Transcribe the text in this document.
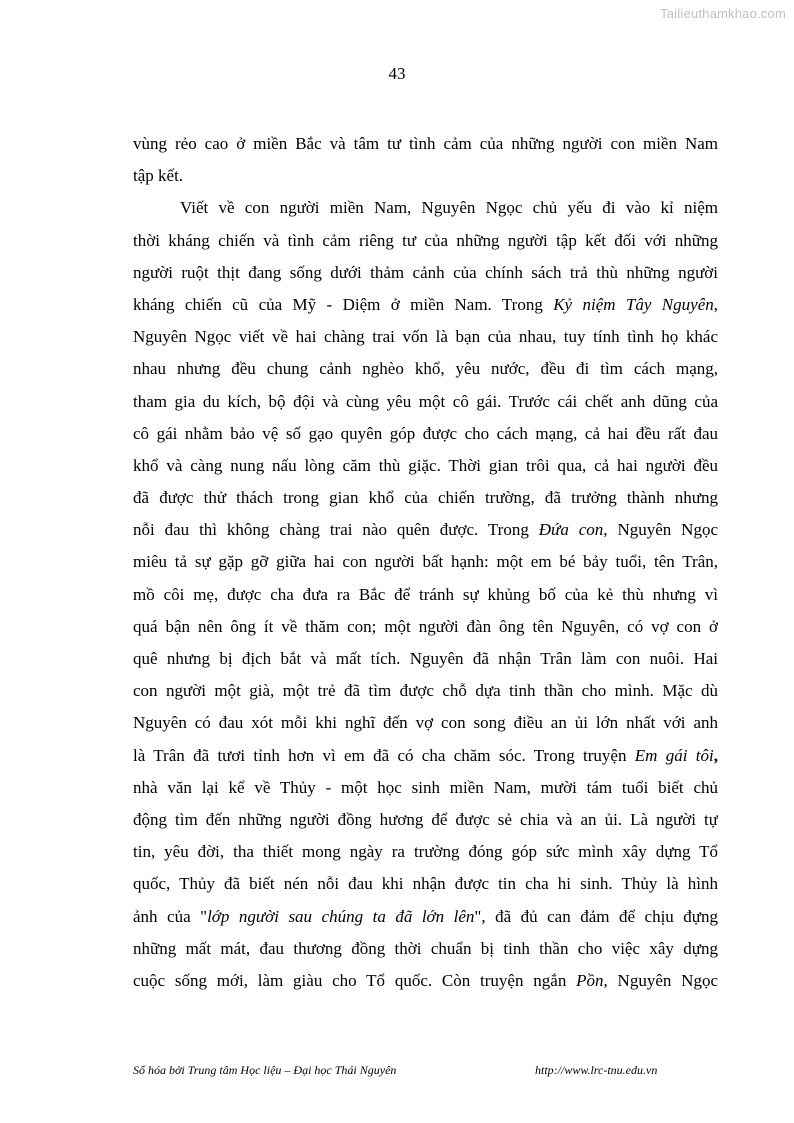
Tailieuthamkhao.com
43
vùng rẻo cao ở miền Bắc và tâm tư tình cảm của những người con miền Nam
tập kết.
Viết về con người miền Nam, Nguyên Ngọc chủ yếu đi vào kỉ niệm
thời kháng chiến và tình cảm riêng tư của những người tập kết đối với những
người ruột thịt đang sống dưới thảm cảnh của chính sách trả thù những người
kháng chiến cũ của Mỹ - Diệm ở miền Nam. Trong Kỷ niệm Tây Nguyên,
Nguyên Ngọc viết về hai chàng trai vốn là bạn của nhau, tuy tính tình họ khác
nhau nhưng đều chung cảnh nghèo khổ, yêu nước, đều đi tìm cách mạng,
tham gia du kích, bộ đội và cùng yêu một cô gái. Trước cái chết anh dũng của
cô gái nhằm bảo vệ số gạo quyên góp được cho cách mạng, cả hai đều rất đau
khổ và càng nung nấu lòng căm thù giặc. Thời gian trôi qua, cả hai người đều
đã được thử thách trong gian khổ của chiến trường, đã trưởng thành nhưng
nỗi đau thì không chàng trai nào quên được. Trong Đứa con, Nguyên Ngọc
miêu tả sự gặp gỡ giữa hai con người bất hạnh: một em bé bảy tuổi, tên Trân,
mồ côi mẹ, được cha đưa ra Bắc để tránh sự khủng bố của kẻ thù nhưng vì
quá bận nên ông ít về thăm con; một người đàn ông tên Nguyên, có vợ con ở
quê nhưng bị địch bắt và mất tích. Nguyên đã nhận Trân làm con nuôi. Hai
con người một già, một trẻ đã tìm được chỗ dựa tinh thần cho mình. Mặc dù
Nguyên có đau xót mỗi khi nghĩ đến vợ con song điều an ủi lớn nhất với anh
là Trân đã tươi tỉnh hơn vì em đã có cha chăm sóc. Trong truyện Em gái tôi,
nhà văn lại kể về Thủy - một học sinh miền Nam, mười tám tuổi biết chủ
động tìm đến những người đồng hương để được sẻ chia và an ủi. Là người tự
tin, yêu đời, tha thiết mong ngày ra trường đóng góp sức mình xây dựng Tổ
quốc, Thủy đã biết nén nỗi đau khi nhận được tin cha hi sinh. Thủy là hình
ảnh của "lớp người sau chúng ta đã lớn lên", đã đủ can đảm để chịu đựng
những mất mát, đau thương đồng thời chuẩn bị tinh thần cho việc xây dựng
cuộc sống mới, làm giàu cho Tổ quốc. Còn truyện ngắn Pồn, Nguyên Ngọc
Số hóa bởi Trung tâm Học liệu – Đại học Thái Nguyên	http://www.lrc-tnu.edu.vn
